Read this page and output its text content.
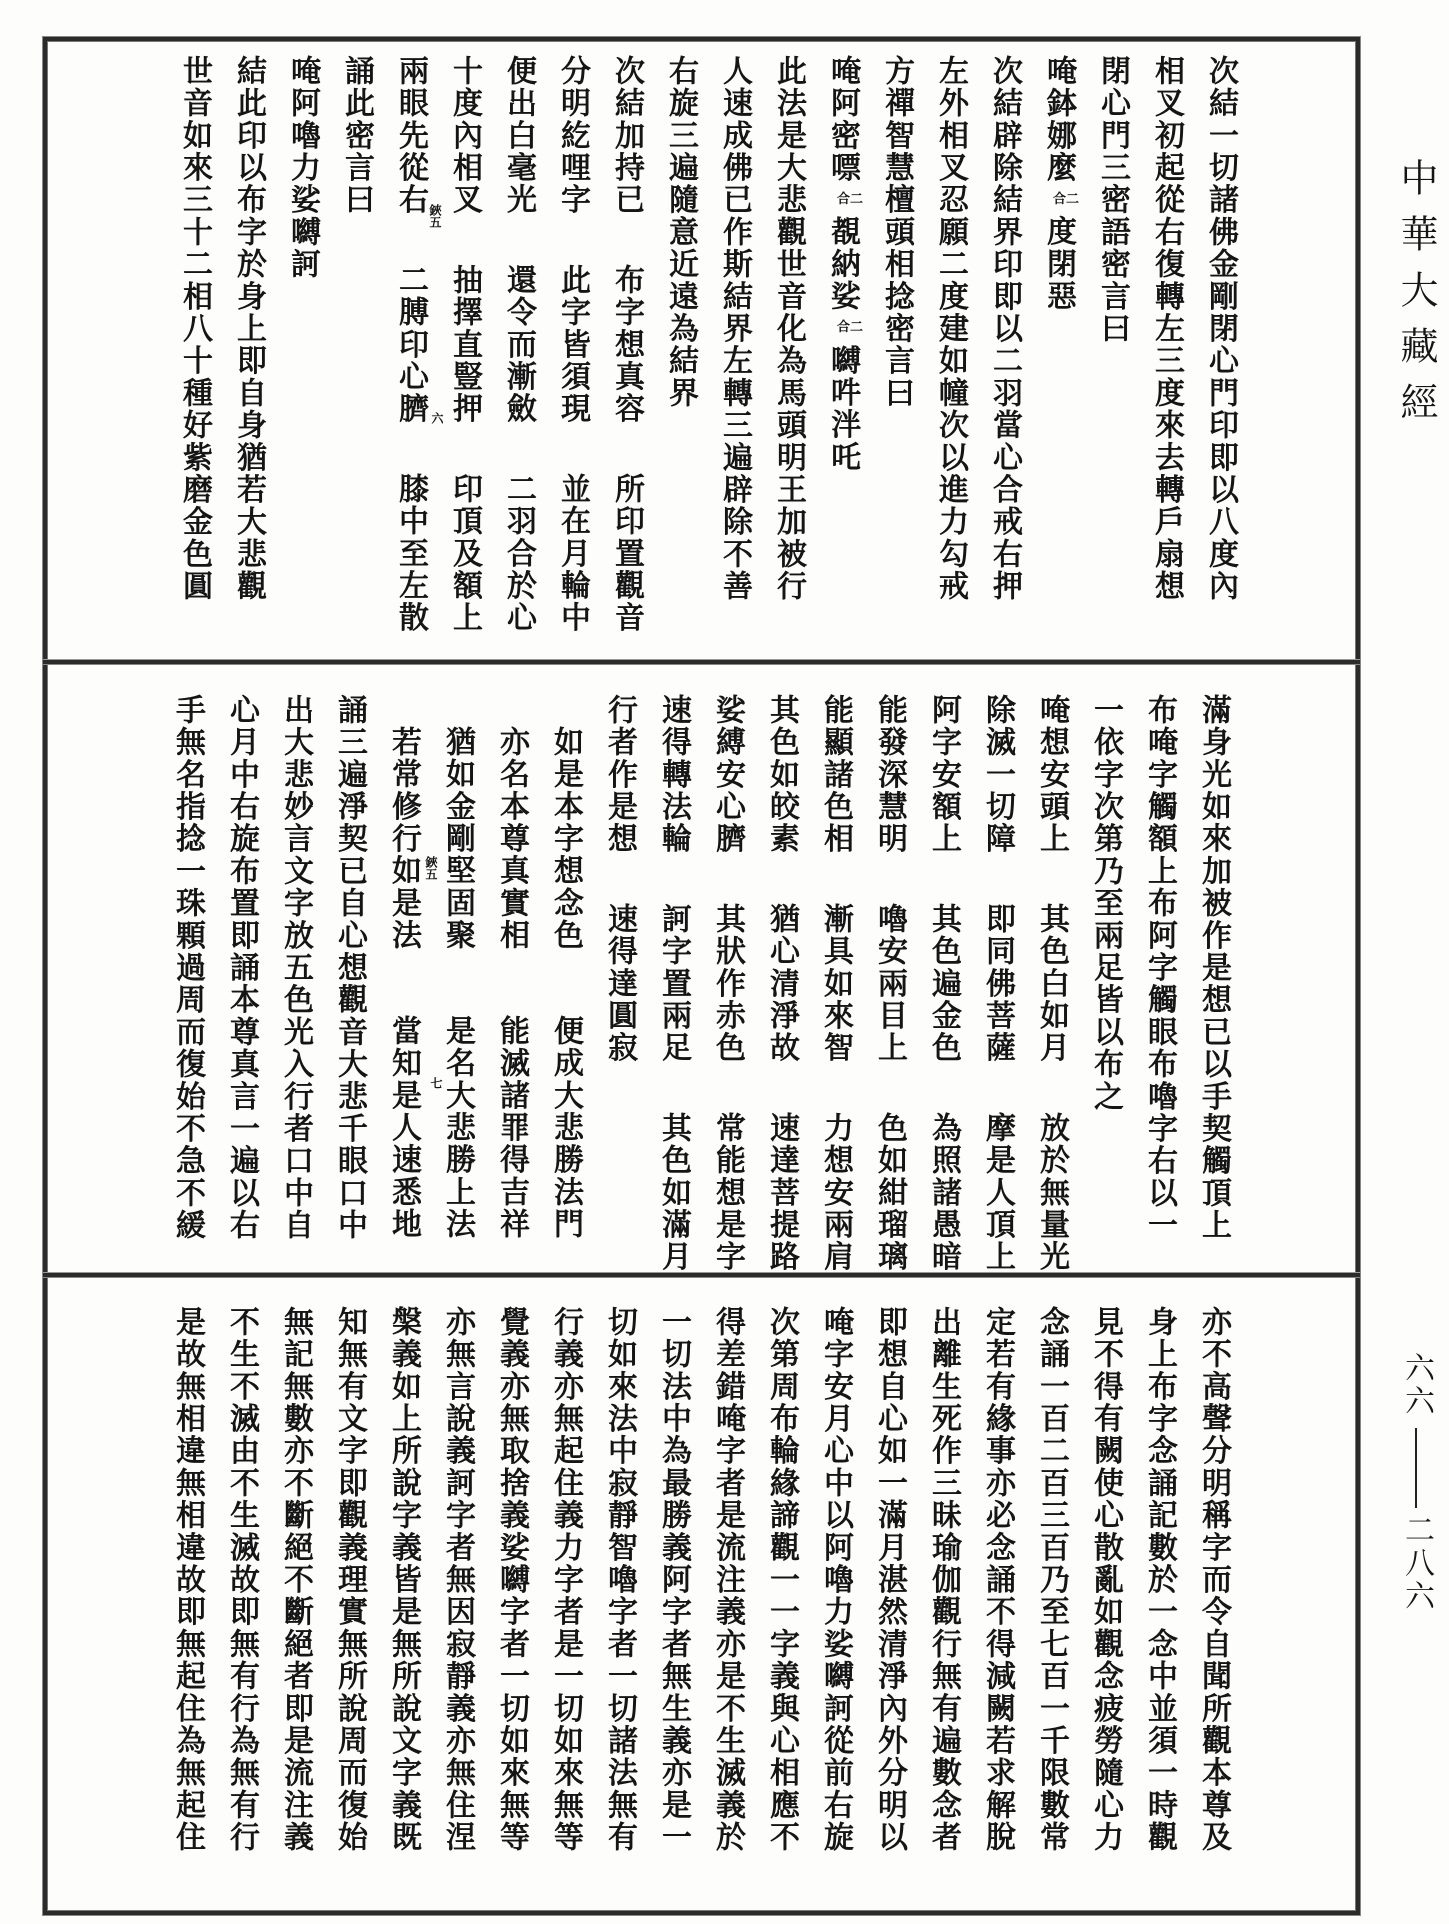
次結一切諸佛金剛閉心門印即以八度內
相叉初起從右復轉左三度來去轉戶扇想
閉心門三密語密言曰
唵鉢娜麼合二度閉惡
次結辟除結界印即以二羽當心合戒右押
左外相叉忍願二度建如幢次以進力勾戒
方禪智慧檀頭相捻密言曰
唵阿密嘌合二覩納娑合二嚩吽泮吒
此法是大悲觀世音化為馬頭明王加被行
人速成佛已作斯結界左轉三遍辟除不善
右旋三遍隨意近遠為結界
次結加持已布字想真容所印置觀音
分明紇哩字此字皆須現並在月輪中
便出白毫光還令而漸斂二羽合於心
十度內相叉抽擇直豎押印頂及額上
兩眼先從右二膊印心臍膝中至左散
誦此密言曰
唵阿嚕力娑嚩訶
結此印以布字於身上即自身猶若大悲觀
世音如來三十二相八十種好紫磨金色圓
滿身光如來加被作是想已以手契觸頂上
布唵字觸額上布阿字觸眼布嚕字右以一
一依字次第乃至兩足皆以布之
唵想安頭上其色白如月放於無量光
除滅一切障即同佛菩薩摩是人頂上
阿字安額上其色遍金色為照諸愚暗
能發深慧明嚕安兩目上色如紺瑠璃
能顯諸色相漸具如來智力想安兩肩
其色如皎素猶心清淨故速達菩提路
娑縛安心臍其狀作赤色常能想是字
速得轉法輪訶字置兩足其色如滿月
行者作是想速得達圓寂
如是本字想念色便成大悲勝法門
亦名本尊真實相能滅諸罪得吉祥
猶如金剛堅固聚是名大悲勝上法
若常修行如是法當知是人速悉地
誦三遍淨契已自心想觀音大悲千眼口中
出大悲妙言文字放五色光入行者口中自
心月中右旋布置即誦本尊真言一遍以右
手無名指捻一珠顆過周而復始不急不緩
亦不高聲分明稱字而令自聞所觀本尊及
身上布字念誦記數於一念中並須一時觀
見不得有闕使心散亂如觀念疲勞隨心力
念誦一百二百三百乃至七百一千限數常
定若有緣事亦必念誦不得減闕若求解脫
出離生死作三昧瑜伽觀行無有遍數念者
即想自心如一滿月湛然清淨內外分明以
唵字安月心中以阿嚕力娑嚩訶從前右旋
次第周布輪緣諦觀一一字義與心相應不
得差錯唵字者是流注義亦是不生滅義於
一切法中為最勝義阿字者無生義亦是一
切如來法中寂靜智嚕字者一切諸法無有
行義亦無起住義力字者是一切如來無等
覺義亦無取捨義娑嚩字者一切如來無等
亦無言說義訶字者無因寂靜義亦無住涅
槃義如上所說字義皆是無所說文字義既
知無有文字即觀義理實無所說周而復始
無記無數亦不斷絕不斷絕者即是流注義
不生不滅由不生滅故即無有行為無有行
是故無相違無相違故即無起住為無起住
鋏五
六
鋏五
七
中華大藏經
六六
二八六
